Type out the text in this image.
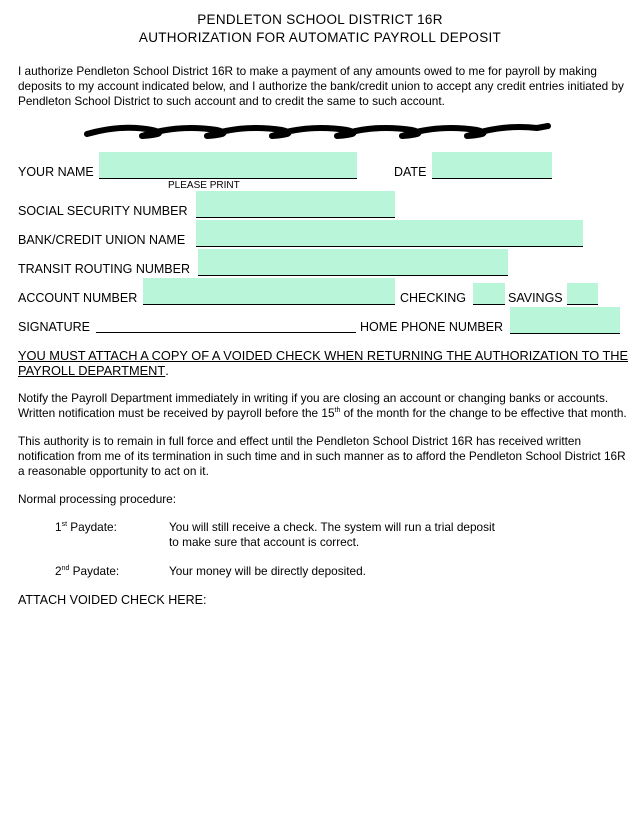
PENDLETON SCHOOL DISTRICT 16R
AUTHORIZATION FOR AUTOMATIC PAYROLL DEPOSIT
I authorize Pendleton School District 16R to make a payment of any amounts owed to me for payroll by making deposits to my account indicated below, and I authorize the bank/credit union to accept any credit entries initiated by Pendleton School District to such account and to credit the same to such account.
YOUR NAME
PLEASE PRINT
DATE
SOCIAL SECURITY NUMBER
BANK/CREDIT UNION NAME
TRANSIT ROUTING NUMBER
ACCOUNT NUMBER	CHECKING	SAVINGS
SIGNATURE	HOME PHONE NUMBER
YOU MUST ATTACH A COPY OF A VOIDED CHECK WHEN RETURNING THE AUTHORIZATION TO THE PAYROLL DEPARTMENT.
Notify the Payroll Department immediately in writing if you are closing an account or changing banks or accounts.
Written notification must be received by payroll before the 15th of the month for the change to be effective that month.
This authority is to remain in full force and effect until the Pendleton School District 16R has received written notification from me of its termination in such time and in such manner as to afford the Pendleton School District 16R a reasonable opportunity to act on it.
Normal processing procedure:
1st Paydate:	You will still receive a check. The system will run a trial deposit
to make sure that account is correct.
2nd Paydate:	Your money will be directly deposited.
ATTACH VOIDED CHECK HERE:
